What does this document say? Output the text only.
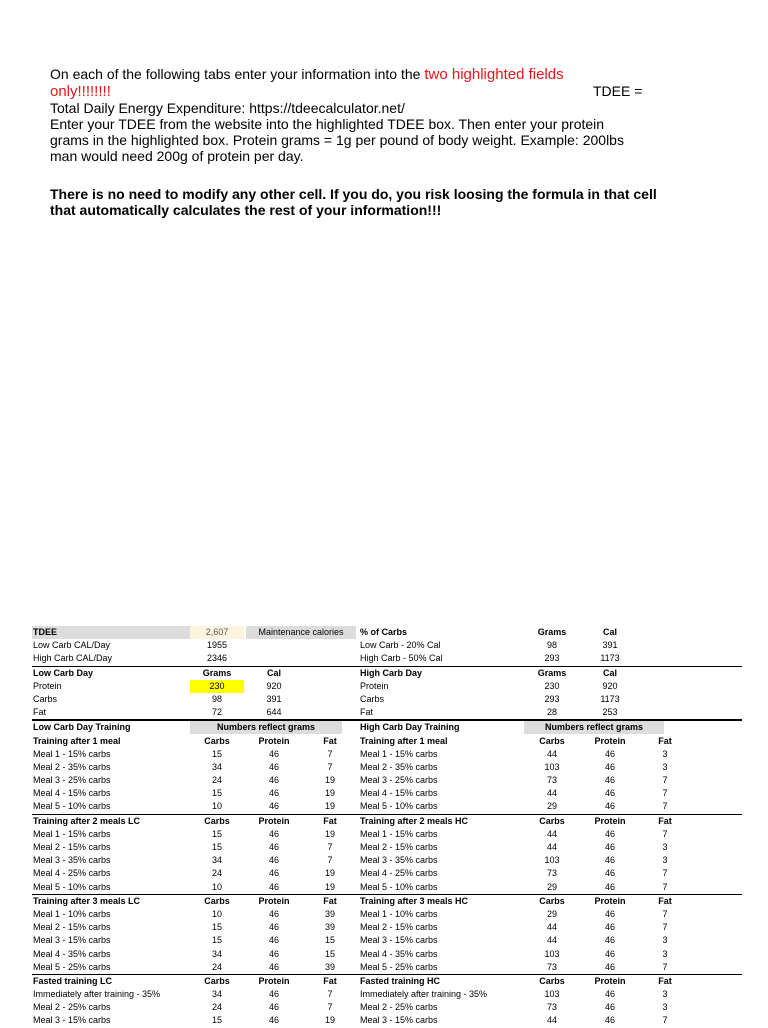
On each of the following tabs enter your information into the two highlighted fields
only!!!!!!!!	TDEE =
Total Daily Energy Expenditure: https://tdeecalculator.net/
Enter your TDEE from the website into the highlighted TDEE box. Then enter your protein
grams in the highlighted box. Protein grams = 1g per pound of body weight. Example: 200lbs
man would need 200g of protein per day.
There is no need to modify any other cell. If you do, you risk loosing the formula in that cell
that automatically calculates the rest of your information!!!
TDEE	2,607	Maintenance calories	% of Carbs	Grams	Cal
Low Carb CAL/Day	1955	Low Carb - 20% Cal	98	391
High Carb CAL/Day	2346	High Carb - 50% Cal	293	1173
Low Carb Day	Grams	Cal	High Carb Day	Grams	Cal
Protein	230	920	Protein	230	920
Carbs	98	391	Carbs	293	1173
Fat	72	644	Fat	28	253
Low Carb Day Training	Numbers reflect grams	High Carb Day Training	Numbers reflect grams
Training after 1 meal	Carbs	Protein	Fat	Training after 1 meal	Carbs	Protein	Fat
Meal 1 - 15% carbs	15	46	7	Meal 1 - 15% carbs	44	46	3
Meal 2 - 35% carbs	34	46	7	Meal 2 - 35% carbs	103	46	3
Meal 3 - 25% carbs	24	46	19	Meal 3 - 25% carbs	73	46	7
Meal 4 - 15% carbs	15	46	19	Meal 4 - 15% carbs	44	46	7
Meal 5 - 10% carbs	10	46	19	Meal 5 - 10% carbs	29	46	7
Training after 2 meals LC	Carbs	Protein	Fat	Training after 2 meals HC	Carbs	Protein	Fat
Meal 1 - 15% carbs	15	46	19	Meal 1 - 15% carbs	44	46	7
Meal 2 - 15% carbs	15	46	7	Meal 2 - 15% carbs	44	46	3
Meal 3 - 35% carbs	34	46	7	Meal 3 - 35% carbs	103	46	3
Meal 4 - 25% carbs	24	46	19	Meal 4 - 25% carbs	73	46	7
Meal 5 - 10% carbs	10	46	19	Meal 5 - 10% carbs	29	46	7
Training after 3 meals LC	Carbs	Protein	Fat	Training after 3 meals HC	Carbs	Protein	Fat
Meal 1 - 10% carbs	10	46	39	Meal 1 - 10% carbs	29	46	7
Meal 2 - 15% carbs	15	46	39	Meal 2 - 15% carbs	44	46	7
Meal 3 - 15% carbs	15	46	15	Meal 3 - 15% carbs	44	46	3
Meal 4 - 35% carbs	34	46	15	Meal 4 - 35% carbs	103	46	3
Meal 5 - 25% carbs	24	46	39	Meal 5 - 25% carbs	73	46	7
Fasted training LC	Carbs	Protein	Fat	Fasted training HC	Carbs	Protein	Fat
Immediately after training - 35%	34	46	7	Immediately after training - 35%	103	46	3
Meal 2 - 25% carbs	24	46	7	Meal 2 - 25% carbs	73	46	3
Meal 3 - 15% carbs	15	46	19	Meal 3 - 15% carbs	44	46	7
